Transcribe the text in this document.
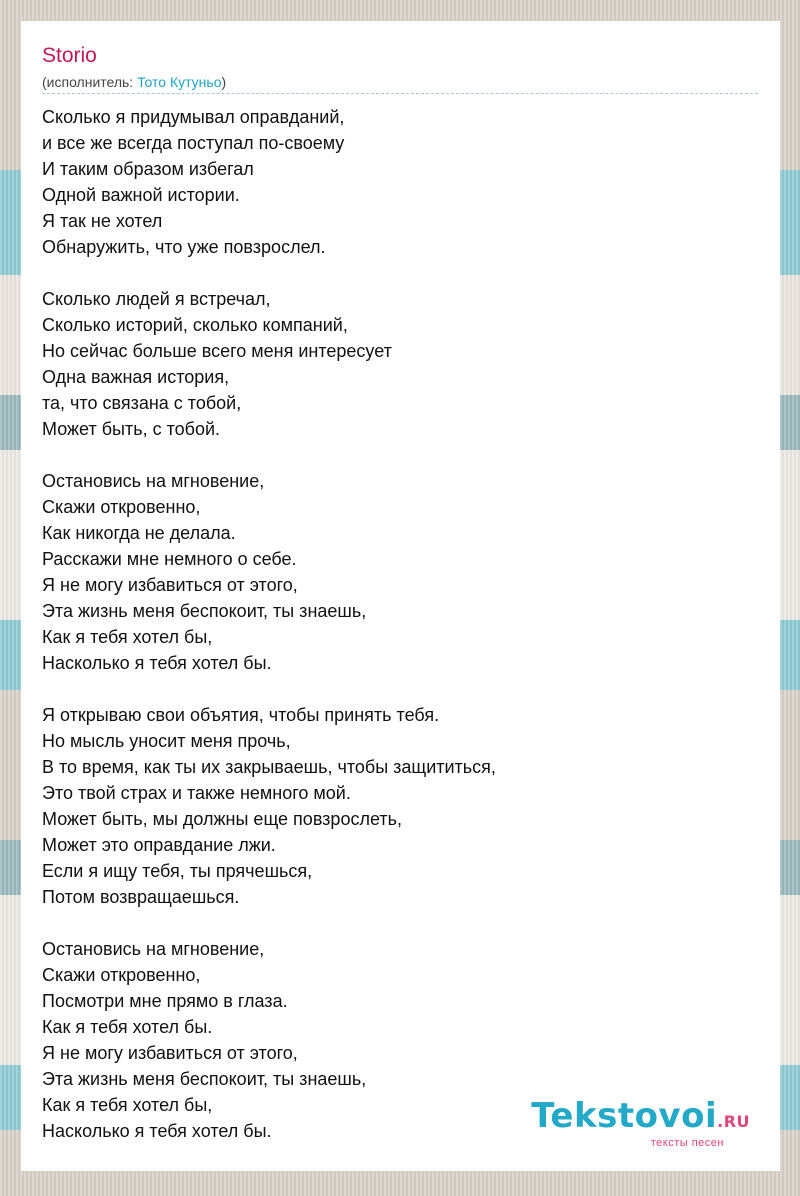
Storio
(исполнитель: Тото Кутуньо)
Сколько я придумывал оправданий,
и все же всегда поступал по-своему
И таким образом избегал
Одной важной истории.
Я так не хотел
Обнаружить, что уже повзрослел.
Сколько людей я встречал,
Сколько историй, сколько компаний,
Но сейчас больше всего меня интересует
Одна важная история,
та, что связана с тобой,
Может быть, с тобой.
Остановись на мгновение,
Скажи откровенно,
Как никогда не делала.
Расскажи мне немного о себе.
Я не могу избавиться от этого,
Эта жизнь меня беспокоит, ты знаешь,
Как я тебя хотел бы,
Насколько я тебя хотел бы.
Я открываю свои объятия, чтобы принять тебя.
Но мысль уносит меня прочь,
В то время, как ты их закрываешь, чтобы защититься,
Это твой страх и также немного мой.
Может быть, мы должны еще повзрослеть,
Может это оправдание лжи.
Если я ищу тебя, ты прячешься,
Потом возвращаешься.
Остановись на мгновение,
Скажи откровенно,
Посмотри мне прямо в глаза.
Как я тебя хотел бы.
Я не могу избавиться от этого,
Эта жизнь меня беспокоит, ты знаешь,
Как я тебя хотел бы,
Насколько я тебя хотел бы.	Tekstovoi.RU
тексты песен
